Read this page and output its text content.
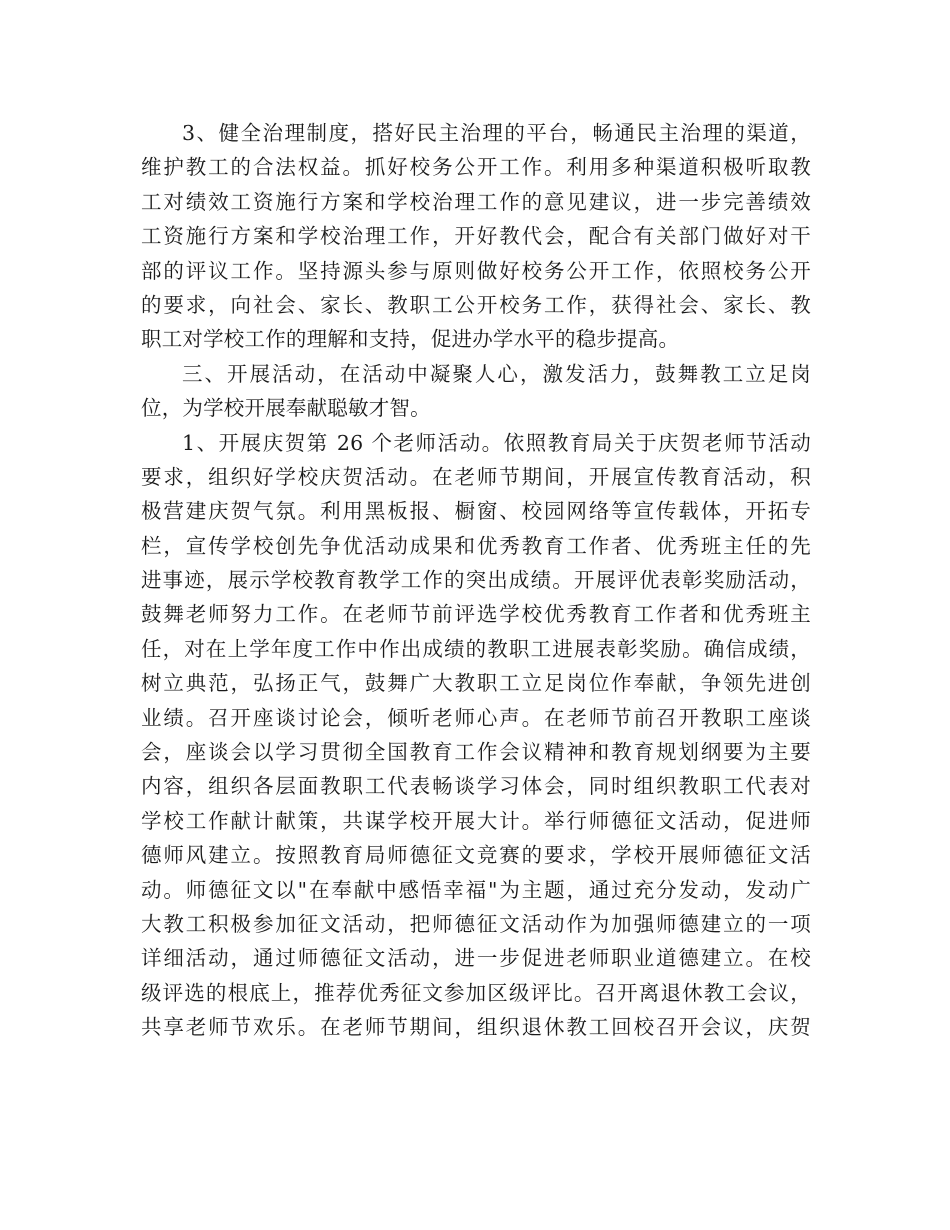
3、健全治理制度，搭好民主治理的平台，畅通民主治理的渠道，
维护教工的合法权益。抓好校务公开工作。利用多种渠道积极听取教
工对绩效工资施行方案和学校治理工作的意见建议，进一步完善绩效
工资施行方案和学校治理工作，开好教代会，配合有关部门做好对干
部的评议工作。坚持源头参与原则做好校务公开工作，依照校务公开
的要求，向社会、家长、教职工公开校务工作，获得社会、家长、教
职工对学校工作的理解和支持，促进办学水平的稳步提高。
三、开展活动，在活动中凝聚人心，激发活力，鼓舞教工立足岗
位，为学校开展奉献聪敏才智。
1、开展庆贺第 26 个老师活动。依照教育局关于庆贺老师节活动
要求，组织好学校庆贺活动。在老师节期间，开展宣传教育活动，积
极营建庆贺气氛。利用黑板报、橱窗、校园网络等宣传载体，开拓专
栏，宣传学校创先争优活动成果和优秀教育工作者、优秀班主任的先
进事迹，展示学校教育教学工作的突出成绩。开展评优表彰奖励活动，
鼓舞老师努力工作。在老师节前评选学校优秀教育工作者和优秀班主
任，对在上学年度工作中作出成绩的教职工进展表彰奖励。确信成绩，
树立典范，弘扬正气，鼓舞广大教职工立足岗位作奉献，争领先进创
业绩。召开座谈讨论会，倾听老师心声。在老师节前召开教职工座谈
会，座谈会以学习贯彻全国教育工作会议精神和教育规划纲要为主要
内容，组织各层面教职工代表畅谈学习体会，同时组织教职工代表对
学校工作献计献策，共谋学校开展大计。举行师德征文活动，促进师
德师风建立。按照教育局师德征文竞赛的要求，学校开展师德征文活
动。师德征文以"在奉献中感悟幸福"为主题，通过充分发动，发动广
大教工积极参加征文活动，把师德征文活动作为加强师德建立的一项
详细活动，通过师德征文活动，进一步促进老师职业道德建立。在校
级评选的根底上，推荐优秀征文参加区级评比。召开离退休教工会议，
共享老师节欢乐。在老师节期间，组织退休教工回校召开会议，庆贺
